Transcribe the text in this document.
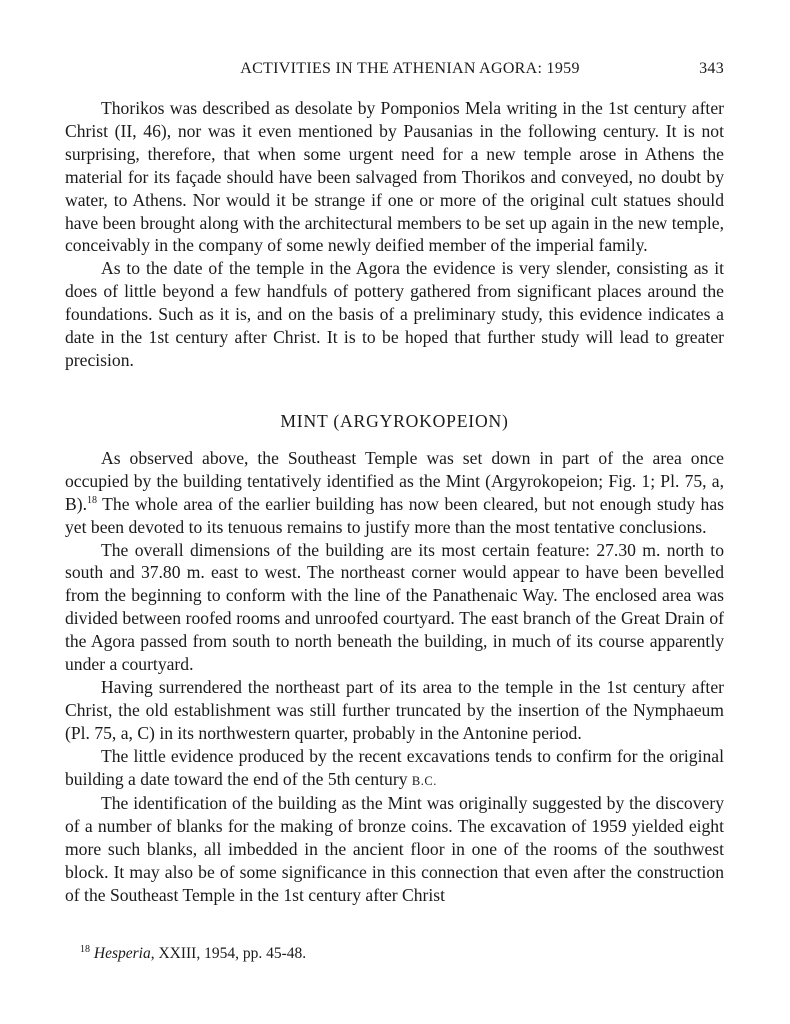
ACTIVITIES IN THE ATHENIAN AGORA: 1959	343

Thorikos was described as desolate by Pomponios Mela writing in the 1st century after Christ (II, 46), nor was it even mentioned by Pausanias in the following century. It is not surprising, therefore, that when some urgent need for a new temple arose in Athens the material for its façade should have been salvaged from Thorikos and conveyed, no doubt by water, to Athens. Nor would it be strange if one or more of the original cult statues should have been brought along with the architectural members to be set up again in the new temple, conceivably in the company of some newly deified member of the imperial family.

As to the date of the temple in the Agora the evidence is very slender, consisting as it does of little beyond a few handfuls of pottery gathered from significant places around the foundations. Such as it is, and on the basis of a preliminary study, this evidence indicates a date in the 1st century after Christ. It is to be hoped that further study will lead to greater precision.

MINT (ARGYROKOPEION)

As observed above, the Southeast Temple was set down in part of the area once occupied by the building tentatively identified as the Mint (Argyrokopeion; Fig. 1; Pl. 75, a, B).$^{18}$ The whole area of the earlier building has now been cleared, but not enough study has yet been devoted to its tenuous remains to justify more than the most tentative conclusions.

The overall dimensions of the building are its most certain feature: 27.30 m. north to south and 37.80 m. east to west. The northeast corner would appear to have been bevelled from the beginning to conform with the line of the Panathenaic Way. The enclosed area was divided between roofed rooms and unroofed courtyard. The east branch of the Great Drain of the Agora passed from south to north beneath the building, in much of its course apparently under a courtyard.

Having surrendered the northeast part of its area to the temple in the 1st century after Christ, the old establishment was still further truncated by the insertion of the Nymphaeum (Pl. 75, a, C) in its northwestern quarter, probably in the Antonine period.

The little evidence produced by the recent excavations tends to confirm for the original building a date toward the end of the 5th century B.C.

The identification of the building as the Mint was originally suggested by the discovery of a number of blanks for the making of bronze coins. The excavation of 1959 yielded eight more such blanks, all imbedded in the ancient floor in one of the rooms of the southwest block. It may also be of some significance in this connection that even after the construction of the Southeast Temple in the 1st century after Christ

$^{18}$ Hesperia, XXIII, 1954, pp. 45-48.
